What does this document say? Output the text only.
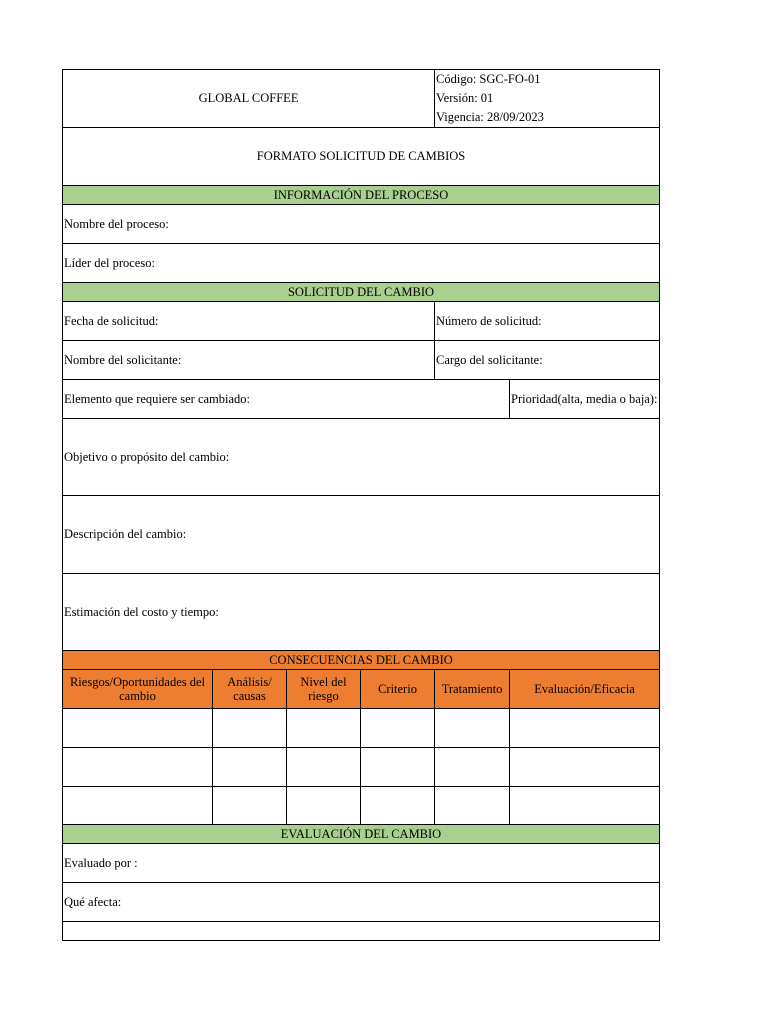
GLOBAL COFFEE				Código: SGC-FO-01
Versión: 01
Vigencia: 28/09/2023	

FORMATO SOLICITUD DE CAMBIOS					
INFORMACIÓN DEL PROCESO					
Nombre del proceso:					
Líder del proceso:					
SOLICITUD DEL CAMBIO					
Fecha de solicitud:				Número de solicitud:	
Nombre del solicitante:				Cargo del solicitante:	
Elemento que requiere ser cambiado:					Prioridad(alta, media o baja):
Objetivo o propósito del cambio:					
Descripción del cambio:					
Estimación del costo y tiempo:					
CONSECUENCIAS DEL CAMBIO					
Riesgos/Oportunidades del cambio	Análisis/ causas	Nivel del riesgo	Criterio	Tratamiento	Evaluación/Eficacia

EVALUACIÓN DEL CAMBIO					
Evaluado por :					
Qué afecta:					
